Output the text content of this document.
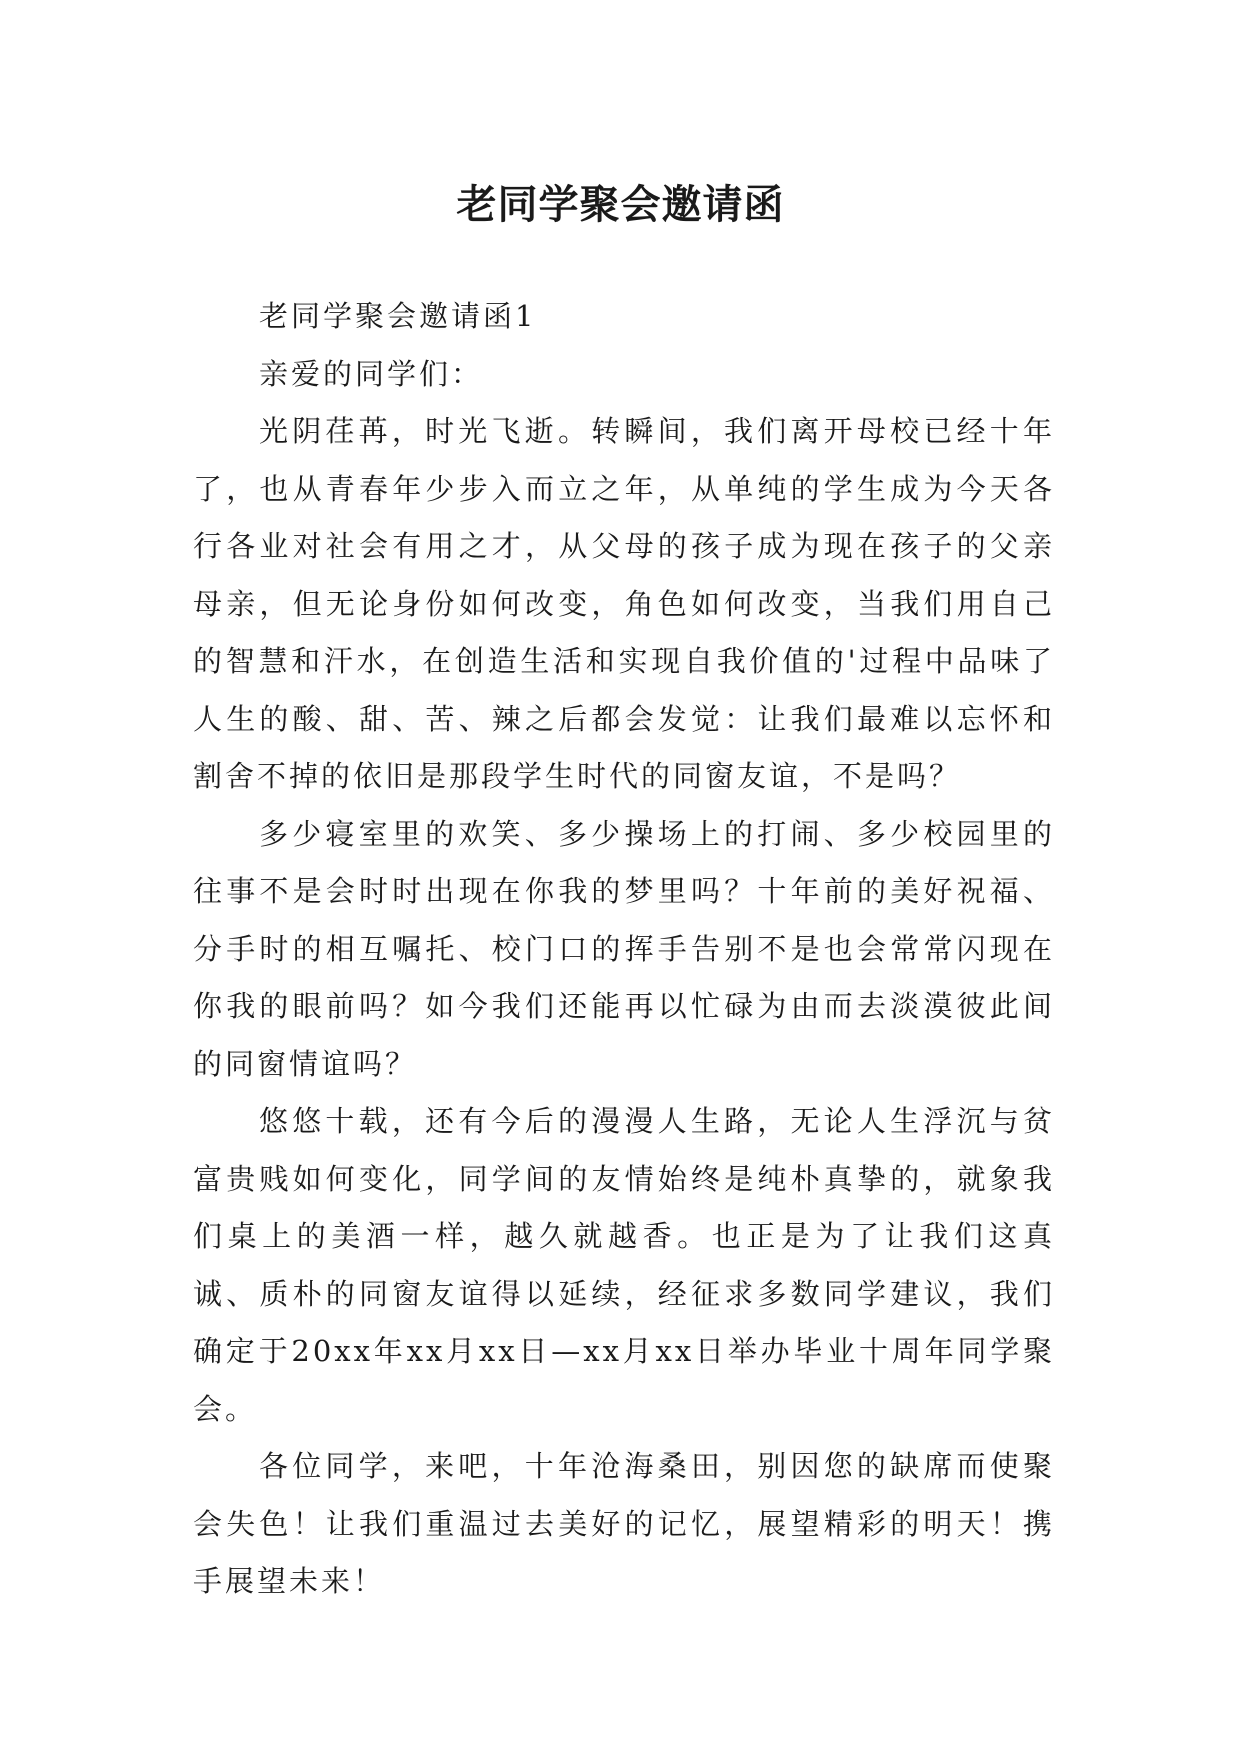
老同学聚会邀请函

老同学聚会邀请函1

亲爱的同学们：

光阴荏苒，时光飞逝。转瞬间，我们离开母校已经十年了，也从青春年少步入而立之年，从单纯的学生成为今天各行各业对社会有用之才，从父母的孩子成为现在孩子的父亲母亲，但无论身份如何改变，角色如何改变，当我们用自己的智慧和汗水，在创造生活和实现自我价值的'过程中品味了人生的酸、甜、苦、辣之后都会发觉：让我们最难以忘怀和割舍不掉的依旧是那段学生时代的同窗友谊，不是吗？

多少寝室里的欢笑、多少操场上的打闹、多少校园里的往事不是会时时出现在你我的梦里吗？十年前的美好祝福、分手时的相互嘱托、校门口的挥手告别不是也会常常闪现在你我的眼前吗？如今我们还能再以忙碌为由而去淡漠彼此间的同窗情谊吗？

悠悠十载，还有今后的漫漫人生路，无论人生浮沉与贫富贵贱如何变化，同学间的友情始终是纯朴真挚的，就象我们桌上的美酒一样，越久就越香。也正是为了让我们这真诚、质朴的同窗友谊得以延续，经征求多数同学建议，我们确定于20xx年xx月xx日—xx月xx日举办毕业十周年同学聚会。

各位同学，来吧，十年沧海桑田，别因您的缺席而使聚会失色！让我们重温过去美好的记忆，展望精彩的明天！携手展望未来！
